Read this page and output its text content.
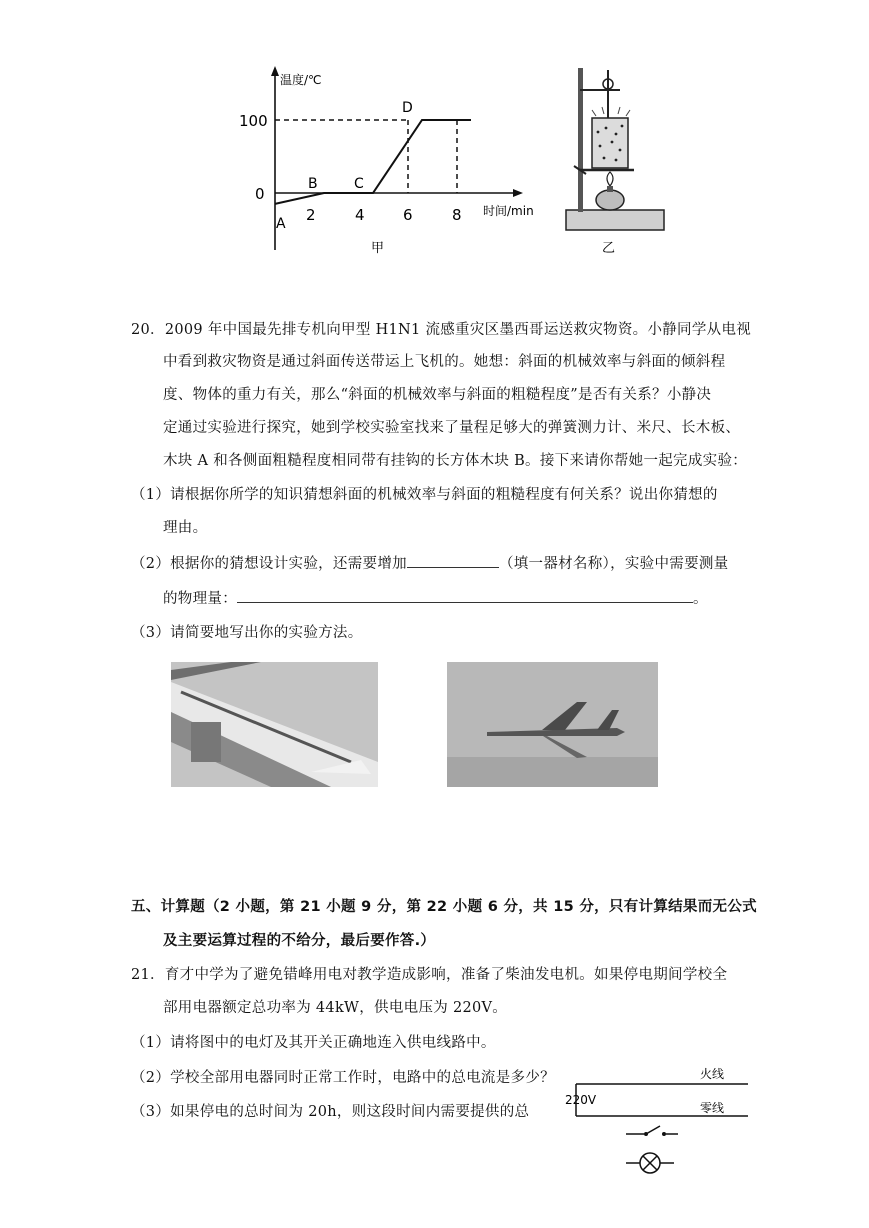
温度/℃
时间/min
100
0
2	4	6	8
A
B	C
D
甲	乙
20．2009 年中国最先排专机向甲型 H1N1 流感重灾区墨西哥运送救灾物资。小静同学从电视
中看到救灾物资是通过斜面传送带运上飞机的。她想：斜面的机械效率与斜面的倾斜程
度、物体的重力有关，那么“斜面的机械效率与斜面的粗糙程度”是否有关系？小静决
定通过实验进行探究，她到学校实验室找来了量程足够大的弹簧测力计、米尺、长木板、
木块 A 和各侧面粗糙程度相同带有挂钩的长方体木块 B。接下来请你帮她一起完成实验：
（1）请根据你所学的知识猜想斜面的机械效率与斜面的粗糙程度有何关系？说出你猜想的
理由。
（2）根据你的猜想设计实验，还需要增加	（填一器材名称），实验中需要测量
的物理量：	。
（3）请简要地写出你的实验方法。
五、计算题（2 小题，第 21 小题 9 分，第 22 小题 6 分，共 15 分，只有计算结果而无公式
及主要运算过程的不给分，最后要作答.）
21．育才中学为了避免错峰用电对教学造成影响，准备了柴油发电机。如果停电期间学校全
部用电器额定总功率为 44kW，供电电压为 220V。
（1）请将图中的电灯及其开关正确地连入供电线路中。
（2）学校全部用电器同时正常工作时，电路中的总电流是多少？
（3）如果停电的总时间为 20h，则这段时间内需要提供的总
火线
220V
零线
